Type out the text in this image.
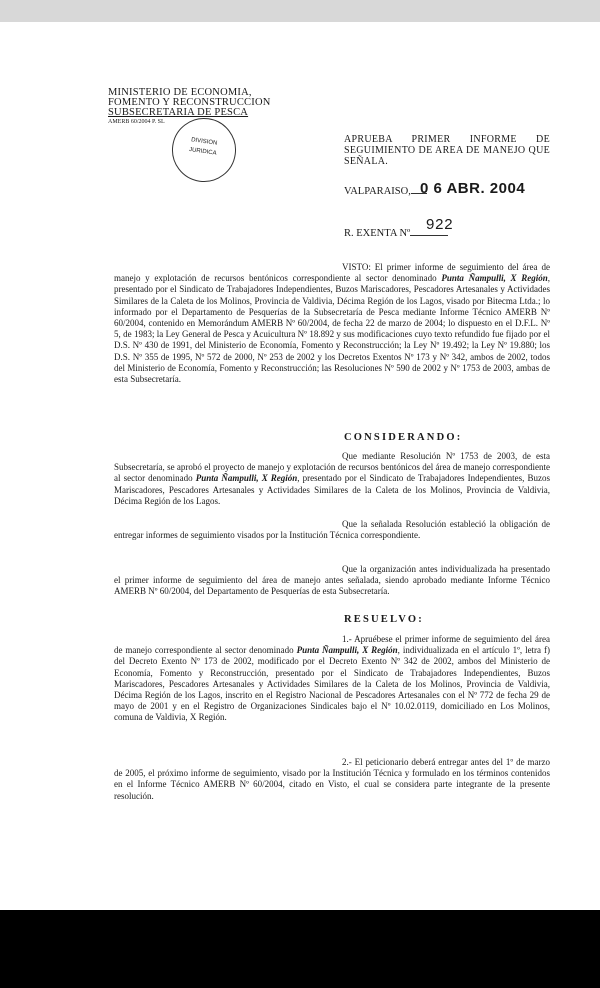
MINISTERIO DE ECONOMIA,
FOMENTO Y RECONSTRUCCION
SUBSECRETARIA DE PESCA
AMERB 60/2004 P. SL
DIVISION
JURIDICA
APRUEBA PRIMER INFORME DE SEGUIMIENTO DE AREA DE MANEJO QUE SEÑALA.
VALPARAISO, 0 6 ABR. 2004
R. EXENTA Nº
922
VISTO: El primer informe de seguimiento del área de manejo y explotación de recursos bentónicos correspondiente al sector denominado Punta Ñampulli, X Región, presentado por el Sindicato de Trabajadores Independientes, Buzos Mariscadores, Pescadores Artesanales y Actividades Similares de la Caleta de los Molinos, Provincia de Valdivia, Décima Región de los Lagos, visado por Bitecma Ltda.; lo informado por el Departamento de Pesquerías de la Subsecretaría de Pesca mediante Informe Técnico AMERB Nº 60/2004, contenido en Memorándum AMERB Nº 60/2004, de fecha 22 de marzo de 2004; lo dispuesto en el D.F.L. Nº 5, de 1983; la Ley General de Pesca y Acuicultura Nº 18.892 y sus modificaciones cuyo texto refundido fue fijado por el D.S. Nº 430 de 1991, del Ministerio de Economía, Fomento y Reconstrucción; la Ley Nº 19.492; la Ley Nº 19.880; los D.S. Nº 355 de 1995, Nº 572 de 2000, Nº 253 de 2002 y los Decretos Exentos Nº 173 y Nº 342, ambos de 2002, todos del Ministerio de Economía, Fomento y Reconstrucción; las Resoluciones Nº 590 de 2002 y Nº 1753 de 2003, ambas de esta Subsecretaría.
CONSIDERANDO:
Que mediante Resolución Nº 1753 de 2003, de esta Subsecretaría, se aprobó el proyecto de manejo y explotación de recursos bentónicos del área de manejo correspondiente al sector denominado Punta Ñampulli, X Región, presentado por el Sindicato de Trabajadores Independientes, Buzos Mariscadores, Pescadores Artesanales y Actividades Similares de la Caleta de los Molinos, Provincia de Valdivia, Décima Región de los Lagos.
Que la señalada Resolución estableció la obligación de entregar informes de seguimiento visados por la Institución Técnica correspondiente.
Que la organización antes individualizada ha presentado el primer informe de seguimiento del área de manejo antes señalada, siendo aprobado mediante Informe Técnico AMERB Nº 60/2004, del Departamento de Pesquerías de esta Subsecretaría.
RESUELVO:
1.- Apruébese el primer informe de seguimiento del área de manejo correspondiente al sector denominado Punta Ñampulli, X Región, individualizada en el artículo 1º, letra f) del Decreto Exento Nº 173 de 2002, modificado por el Decreto Exento Nº 342 de 2002, ambos del Ministerio de Economía, Fomento y Reconstrucción, presentado por el Sindicato de Trabajadores Independientes, Buzos Mariscadores, Pescadores Artesanales y Actividades Similares de la Caleta de los Molinos, Provincia de Valdivia, Décima Región de los Lagos, inscrito en el Registro Nacional de Pescadores Artesanales con el Nº 772 de fecha 29 de mayo de 2001 y en el Registro de Organizaciones Sindicales bajo el Nº 10.02.0119, domiciliado en Los Molinos, comuna de Valdivia, X Región.
2.- El peticionario deberá entregar antes del 1º de marzo de 2005, el próximo informe de seguimiento, visado por la Institución Técnica y formulado en los términos contenidos en el Informe Técnico AMERB Nº 60/2004, citado en Visto, el cual se considera parte integrante de la presente resolución.
